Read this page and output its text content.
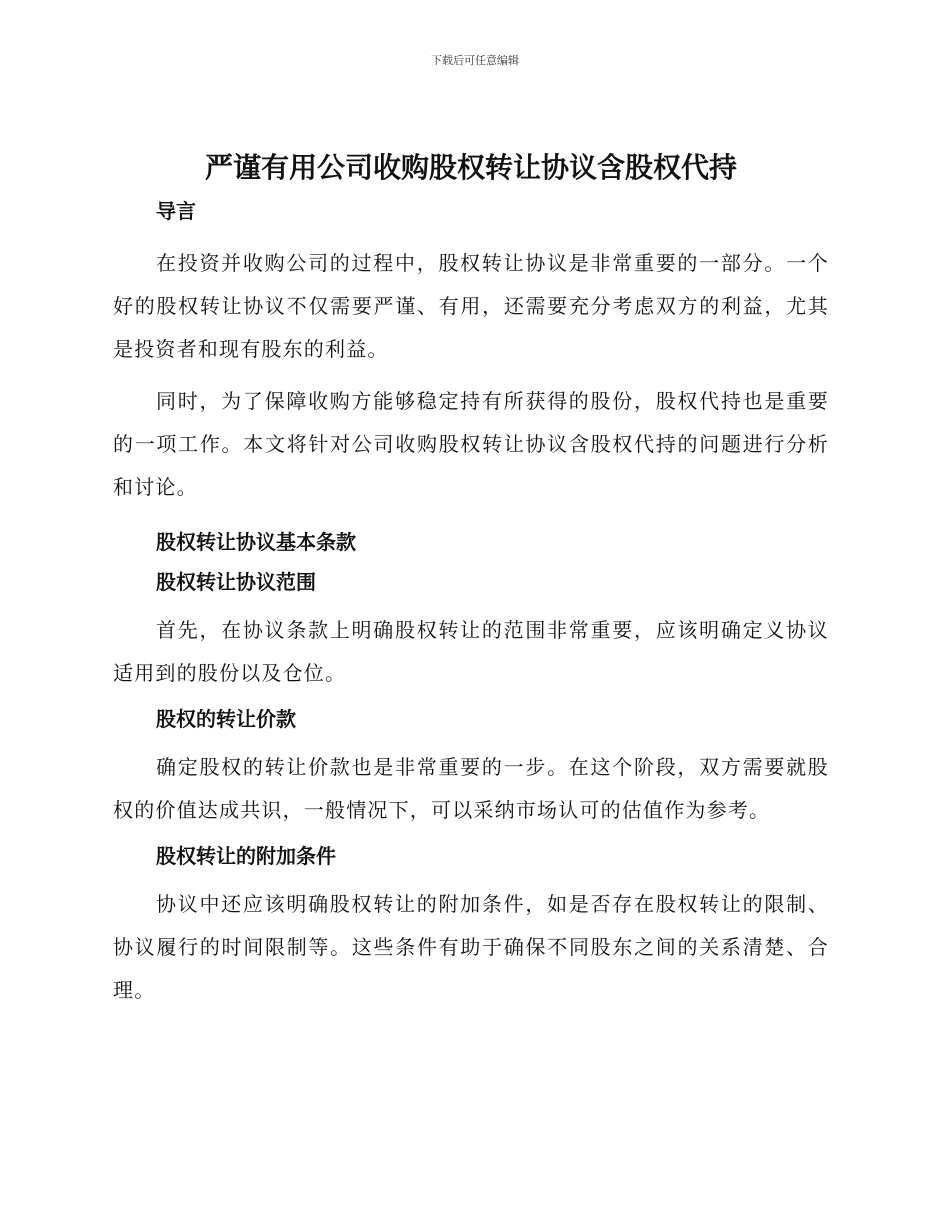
下载后可任意编辑
严谨有用公司收购股权转让协议含股权代持

导言

在投资并收购公司的过程中，股权转让协议是非常重要的一部分。一个好的股权转让协议不仅需要严谨、有用，还需要充分考虑双方的利益，尤其是投资者和现有股东的利益。

同时，为了保障收购方能够稳定持有所获得的股份，股权代持也是重要的一项工作。本文将针对公司收购股权转让协议含股权代持的问题进行分析和讨论。

股权转让协议基本条款

股权转让协议范围

首先，在协议条款上明确股权转让的范围非常重要，应该明确定义协议适用到的股份以及仓位。

股权的转让价款

确定股权的转让价款也是非常重要的一步。在这个阶段，双方需要就股权的价值达成共识，一般情况下，可以采纳市场认可的估值作为参考。

股权转让的附加条件

协议中还应该明确股权转让的附加条件，如是否存在股权转让的限制、协议履行的时间限制等。这些条件有助于确保不同股东之间的关系清楚、合理。
